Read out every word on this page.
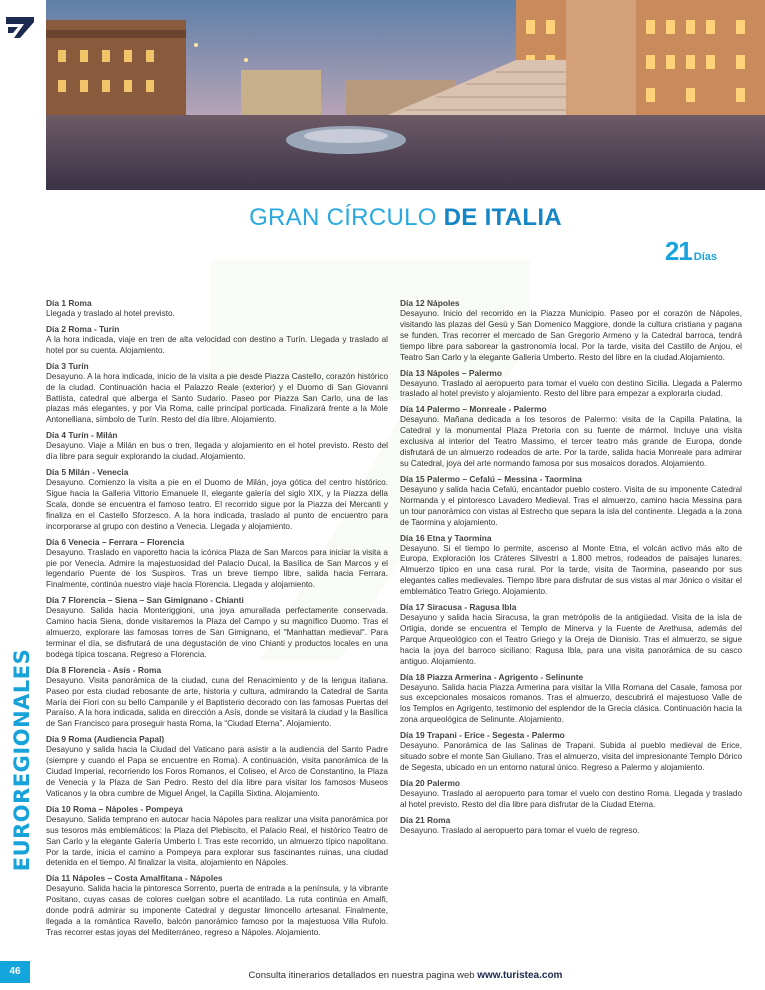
EUROREGIONALES
46
GRAN CÍRCULO DE ITALIA
21 Días
Día 1 Roma

Llegada y traslado al hotel previsto.

Día 2 Roma - Turín

A la hora indicada, viaje en tren de alta velocidad con destino a Turín. Llegada y traslado al hotel por su cuenta. Alojamiento.

Día 3 Turín

Desayuno. A la hora indicada, inicio de la visita a pie desde Piazza Castello, corazón histórico de la ciudad. Continuación hacia el Palazzo Reale (exterior) y el Duomo di San Giovanni Battista, catedral que alberga el Santo Sudario. Paseo por Piazza San Carlo, una de las plazas más elegantes, y por Via Roma, calle principal porticada. Finalizará frente a la Mole Antonelliana, símbolo de Turín. Resto del día libre. Alojamiento.

Día 4 Turín - Milán

Desayuno. Viaje a Milán en bus o tren, llegada y alojamiento en el hotel previsto. Resto del día libre para seguir explorando la ciudad. Alojamiento.

Día 5 Milán - Venecia

Desayuno. Comienzo la visita a pie en el Duomo de Milán, joya gótica del centro histórico. Sigue hacia la Galleria Vittorio Emanuele II, elegante galería del siglo XIX, y la Piazza della Scala, donde se encuentra el famoso teatro. El recorrido sigue por la Piazza dei Mercanti y finaliza en el Castello Sforzesco. A la hora indicada, traslado al punto de encuentro para incorporarse al grupo con destino a Venecia. Llegada y alojamiento.

Día 6 Venecia – Ferrara – Florencia

Desayuno. Traslado en vaporetto hacia la icónica Plaza de San Marcos para iniciar la visita a pie por Venecia. Admire la majestuosidad del Palacio Ducal, la Basílica de San Marcos y el legendario Puente de los Suspiros. Tras un breve tiempo libre, salida hacia Ferrara. Finalmente, continúa nuestro viaje hacia Florencia. Llegada y alojamiento.

Día 7 Florencia – Siena – San Gimignano - Chianti

Desayuno. Salida hacia Monteriggioni, una joya amurallada perfectamente conservada. Camino hacia Siena, donde visitaremos la Plaza del Campo y su magnífico Duomo. Tras el almuerzo, explorare las famosas torres de San Gimignano, el "Manhattan medieval". Para terminar el día, se disfrutará de una degustación de vino Chianti y productos locales en una bodega típica toscana. Regreso a Florencia.

Día 8 Florencia - Asís - Roma

Desayuno. Visita panorámica de la ciudad, cuna del Renacimiento y de la lengua italiana. Paseo por esta ciudad rebosante de arte, historia y cultura, admirando la Catedral de Santa María dei Fiori con su bello Campanile y el Baptisterio decorado con las famosas Puertas del Paraíso. A la hora indicada, salida en dirección a Asís, donde se visitará la ciudad y la Basílica de San Francisco para proseguir hasta Roma, la “Ciudad Eterna”. Alojamiento.

Día 9 Roma (Audiencia Papal)

Desayuno y salida hacia la Ciudad del Vaticano para asistir a la audiencia del Santo Padre (siempre y cuando el Papa se encuentre en Roma). A continuación, visita panorámica de la Ciudad Imperial, recorriendo los Foros Romanos, el Coliseo, el Arco de Constantino, la Plaza de Venecia y la Plaza de San Pedro. Resto del día libre para visitar los famosos Museos Vaticanos y la obra cumbre de Miguel Ángel, la Capilla Sixtina. Alojamiento.

Día 10 Roma – Nápoles - Pompeya

Desayuno. Salida temprano en autocar hacia Nápoles para realizar una visita panorámica por sus tesoros más emblemáticos: la Plaza del Plebiscito, el Palacio Real, el histórico Teatro de San Carlo y la elegante Galería Umberto I. Tras este recorrido, un almuerzo típico napolitano. Por la tarde, inicia el camino a Pompeya para explorar sus fascinantes ruinas, una ciudad detenida en el tiempo. Al finalizar la visita, alojamiento en Nápoles.

Día 11 Nápoles – Costa Amalfitana - Nápoles

Desayuno. Salida hacia la pintoresca Sorrento, puerta de entrada a la península, y la vibrante Positano, cuyas casas de colores cuelgan sobre el acantilado. La ruta continúa en Amalfi, donde podrá admirar su imponente Catedral y degustar limoncello artesanal. Finalmente, llegada a la romántica Ravello, balcón panorámico famoso por la majestuosa Villa Rufolo. Tras recorrer estas joyas del Mediterráneo, regreso a Nápoles. Alojamiento.

Día 12 Nápoles

Desayuno. Inicio del recorrido en la Piazza Municipio. Paseo por el corazón de Nápoles, visitando las plazas del Gesù y San Domenico Maggiore, donde la cultura cristiana y pagana se funden. Tras recorrer el mercado de San Gregorio Armeno y la Catedral barroca, tendrá tiempo libre para saborear la gastronomía local. Por la tarde, visita del Castillo de Anjou, el Teatro San Carlo y la elegante Galleria Umberto. Resto del libre en la ciudad.Alojamiento.

Día 13 Nápoles – Palermo

Desayuno. Traslado al aeropuerto para tomar el vuelo con destino Sicilia. Llegada a Palermo traslado al hotel previsto y alojamiento. Resto del libre para empezar a explorarla ciudad.

Día 14 Palermo – Monreale - Palermo

Desayuno. Mañana dedicada a los tesoros de Palermo: visita de la Capilla Palatina, la Catedral y la monumental Plaza Pretoria con su fuente de mármol. Incluye una visita exclusiva al interior del Teatro Massimo, el tercer teatro más grande de Europa, donde disfrutará de un almuerzo rodeados de arte. Por la tarde, salida hacia Monreale para admirar su Catedral, joya del arte normando famosa por sus mosaicos dorados. Alojamiento.

Día 15 Palermo – Cefalú – Messina - Taormina

Desayuno y salida hacia Cefalú, encantador pueblo costero. Visita de su imponente Catedral Normanda y el pintoresco Lavadero Medieval. Tras el almuerzo, camino hacia Messina para un tour panorámico con vistas al Estrecho que separa la isla del continente. Llegada a la zona de Taormina y alojamiento.

Día 16 Etna y Taormina

Desayuno. Si el tiempo lo permite, ascenso al Monte Etna, el volcán activo más alto de Europa. Exploración los Cráteres Silvestri a 1.800 metros, rodeados de paisajes lunares. Almuerzo típico en una casa rural. Por la tarde, visita de Taormina, paseando por sus elegantes calles medievales. Tiempo libre para disfrutar de sus vistas al mar Jónico o visitar el emblemático Teatro Griego. Alojamiento.

Día 17 Siracusa - Ragusa Ibla

Desayuno y salida hacia Siracusa, la gran metrópolis de la antigüedad. Visita de la isla de Ortigia, donde se encuentra el Templo de Minerva y la Fuente de Arethusa, además del Parque Arqueológico con el Teatro Griego y la Oreja de Dionisio. Tras el almuerzo, se sigue hacia la joya del barroco siciliano: Ragusa Ibla, para una visita panorámica de su casco antiguo. Alojamiento.

Día 18 Piazza Armerina - Agrigento - Selinunte

Desayuno. Salida hacia Piazza Armerina para visitar la Villa Romana del Casale, famosa por sus excepcionales mosaicos romanos. Tras el almuerzo, descubrirá el majestuoso Valle de los Templos en Agrigento, testimonio del esplendor de la Grecia clásica. Continuación hacia la zona arqueológica de Selinunte. Alojamiento.

Día 19 Trapani - Erice - Segesta - Palermo

Desayuno. Panorámica de las Salinas de Trapani. Subida al pueblo medieval de Erice, situado sobre el monte San Giuliano. Tras el almuerzo, visita del impresionante Templo Dórico de Segesta, ubicado en un entorno natural único. Regreso a Palermo y alojamiento.

Día 20 Palermo

Desayuno. Traslado al aeropuerto para tomar el vuelo con destino Roma. Llegada y traslado al hotel previsto. Resto del día libre para disfrutar de la Ciudad Eterna.

Día 21 Roma

Desayuno. Traslado al aeropuerto para tomar el vuelo de regreso.

Consulta itinerarios detallados en nuestra pagina web www.turistea.com
